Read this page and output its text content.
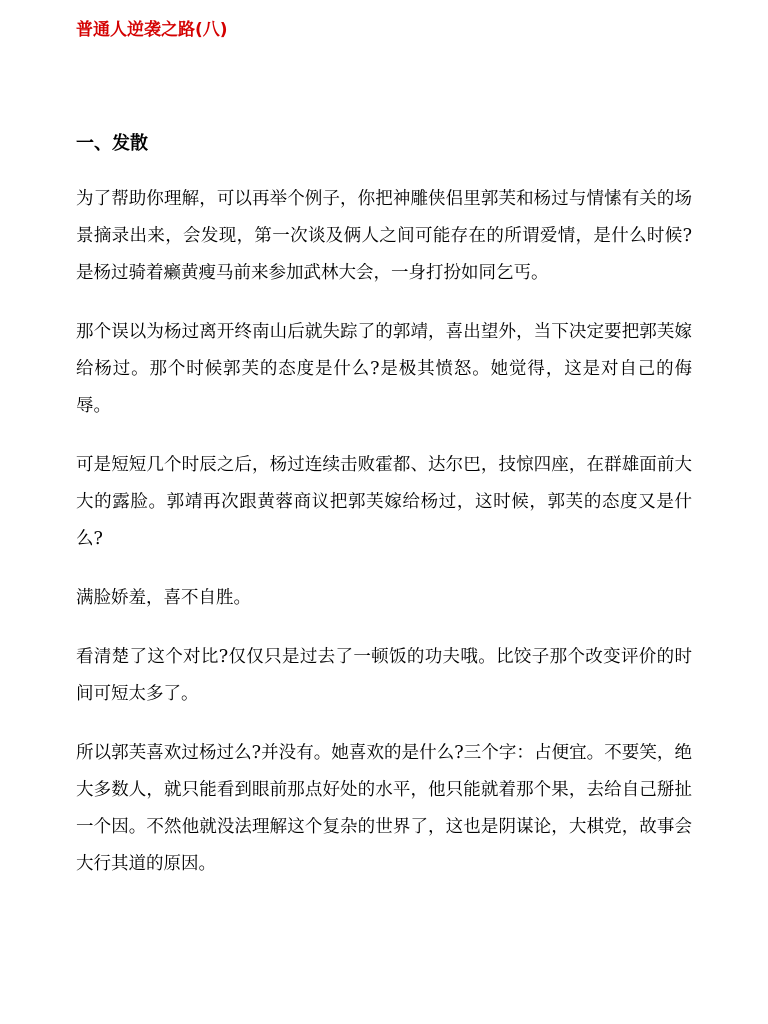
普通人逆袭之路(八)
一、发散

为了帮助你理解，可以再举个例子，你把神雕侠侣里郭芙和杨过与情愫有关的场景摘录出来，会发现，第一次谈及俩人之间可能存在的所谓爱情，是什么时候?是杨过骑着癞黄瘦马前来参加武林大会，一身打扮如同乞丐。

那个误以为杨过离开终南山后就失踪了的郭靖，喜出望外，当下决定要把郭芙嫁给杨过。那个时候郭芙的态度是什么?是极其愤怒。她觉得，这是对自己的侮辱。

可是短短几个时辰之后，杨过连续击败霍都、达尔巴，技惊四座，在群雄面前大大的露脸。郭靖再次跟黄蓉商议把郭芙嫁给杨过，这时候，郭芙的态度又是什么?

满脸娇羞，喜不自胜。

看清楚了这个对比?仅仅只是过去了一顿饭的功夫哦。比饺子那个改变评价的时间可短太多了。

所以郭芙喜欢过杨过么?并没有。她喜欢的是什么?三个字：占便宜。不要笑，绝大多数人，就只能看到眼前那点好处的水平，他只能就着那个果，去给自己掰扯一个因。不然他就没法理解这个复杂的世界了，这也是阴谋论，大棋党，故事会大行其道的原因。
